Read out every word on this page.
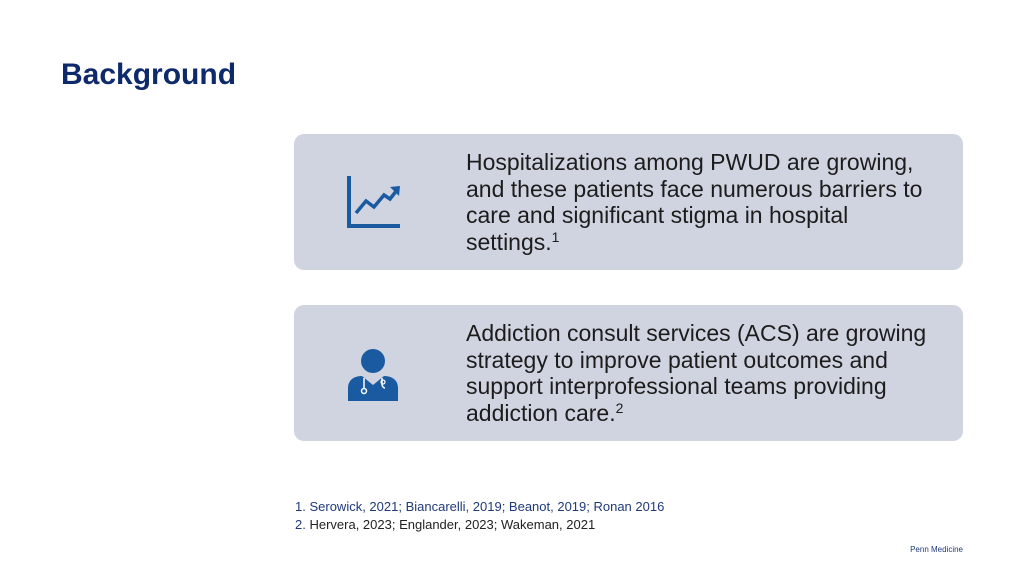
Background
Hospitalizations among PWUD are growing, and these patients face numerous barriers to care and significant stigma in hospital settings.$^1$
Addiction consult services (ACS) are growing strategy to improve patient outcomes and support interprofessional teams providing addiction care.$^2$
1. Serowick, 2021; Biancarelli, 2019; Beanot, 2019; Ronan 2016
2. Hervera, 2023; Englander, 2023; Wakeman, 2021
Penn Medicine
